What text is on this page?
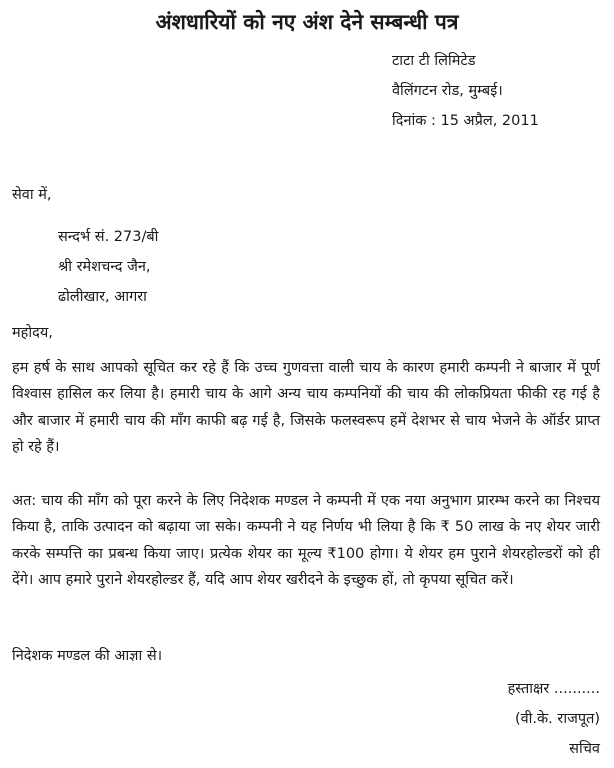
अंशधारियों को नए अंश देने सम्बन्धी पत्र
टाटा टी लिमिटेड
वैलिंगटन रोड, मुम्बई।
दिनांक : 15 अप्रैल, 2011
सेवा में,
सन्दर्भ सं. 273/बी
श्री रमेशचन्द जैन,
ढोलीखार, आगरा
महोदय,

हम हर्ष के साथ आपको सूचित कर रहे हैं कि उच्च गुणवत्ता वाली चाय के कारण हमारी कम्पनी ने बाजार में पूर्ण विश्वास हासिल कर लिया है। हमारी चाय के आगे अन्य चाय कम्पनियों की चाय की लोकप्रियता फीकी रह गई है और बाजार में हमारी चाय की माँग काफी बढ़ गई है, जिसके फलस्वरूप हमें देशभर से चाय भेजने के ऑर्डर प्राप्त हो रहे हैं।

अत: चाय की माँग को पूरा करने के लिए निदेशक मण्डल ने कम्पनी में एक नया अनुभाग प्रारम्भ करने का निश्चय किया है, ताकि उत्पादन को बढ़ाया जा सके। कम्पनी ने यह निर्णय भी लिया है कि ₹ 50 लाख के नए शेयर जारी करके सम्पत्ति का प्रबन्ध किया जाए। प्रत्येक शेयर का मूल्य ₹100 होगा। ये शेयर हम पुराने शेयरहोल्डरों को ही देंगे। आप हमारे पुराने शेयरहोल्डर हैं, यदि आप शेयर खरीदने के इच्छुक हों, तो कृपया सूचित करें।

निदेशक मण्डल की आज्ञा से।
हस्ताक्षर ..........
(वी.के. राजपूत)
सचिव
